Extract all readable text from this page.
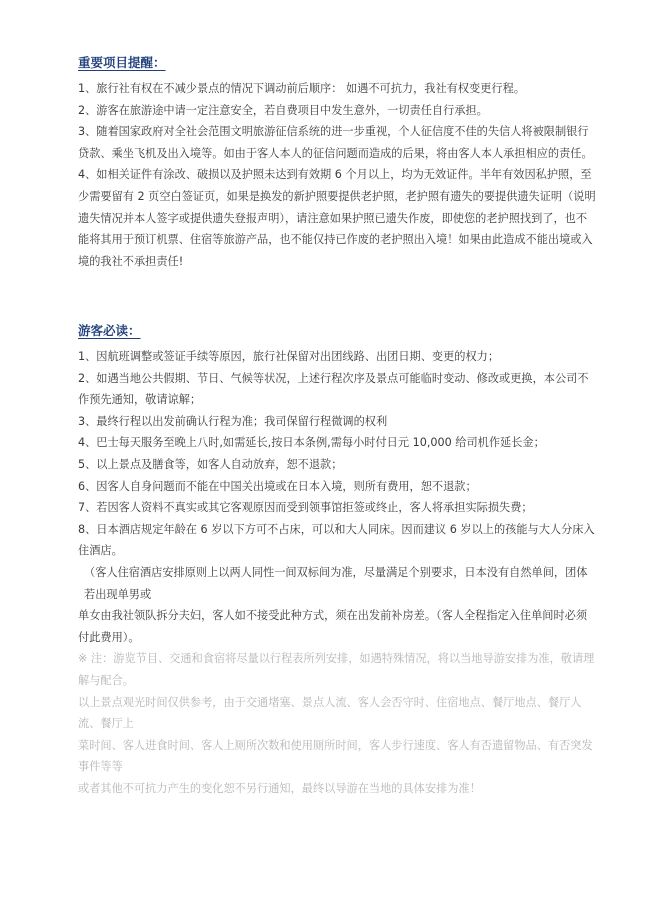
重要项目提醒：

1、旅行社有权在不减少景点的情况下调动前后顺序： 如遇不可抗力，我社有权变更行程。

2、游客在旅游途中请一定注意安全，若自费项目中发生意外，一切责任自行承担。

3、随着国家政府对全社会范围文明旅游征信系统的进一步重视，个人征信度不佳的失信人将被限制银行贷款、乘坐飞机及出入境等。如由于客人本人的征信问题而造成的后果，将由客人本人承担相应的责任。

4、如相关证件有涂改、破损以及护照未达到有效期 6 个月以上，均为无效证件。半年有效因私护照，至少需要留有 2 页空白签证页，如果是换发的新护照要提供老护照，老护照有遗失的要提供遗失证明（说明遗失情况并本人签字或提供遗失登报声明），请注意如果护照已遗失作废，即使您的老护照找到了，也不能将其用于预订机票、住宿等旅游产品，也不能仅持已作废的老护照出入境！如果由此造成不能出境或入境的我社不承担责任!

游客必读：

1、因航班调整或签证手续等原因，旅行社保留对出团线路、出团日期、变更的权力；

2、如遇当地公共假期、节日、气候等状况，上述行程次序及景点可能临时变动、修改或更换，本公司不作预先通知，敬请谅解；

3、最终行程以出发前确认行程为准；我司保留行程微调的权利

4、巴士每天服务至晚上八时,如需延长,按日本条例,需每小时付日元 10,000 给司机作延长金；

5、以上景点及膳食等，如客人自动放弃，恕不退款；

6、因客人自身问题而不能在中国关出境或在日本入境，则所有费用，恕不退款；

7、若因客人资料不真实或其它客观原因而受到领事馆拒签或终止，客人将承担实际损失费；

8、日本酒店规定年龄在 6 岁以下方可不占床，可以和大人同床。因而建议 6 岁以上的孩能与大人分床入住酒店。

（客人住宿酒店安排原则上以两人同性一间双标间为准，尽量满足个别要求，日本没有自然单间，团体若出现单男或

单女由我社领队拆分夫妇，客人如不接受此种方式，须在出发前补房差。（客人全程指定入住单间时必须付此费用）。

※ 注：游览节目、交通和食宿将尽量以行程表所列安排，如遇特殊情况，将以当地导游安排为准，敬请理解与配合。

以上景点观光时间仅供参考，由于交通堵塞、景点人流、客人会否守时、住宿地点、餐厅地点、餐厅人流、餐厅上

菜时间、客人进食时间、客人上厕所次数和使用厕所时间，客人步行速度、客人有否遗留物品、有否突发事件等等

或者其他不可抗力产生的变化恕不另行通知，最终以导游在当地的具体安排为准！
